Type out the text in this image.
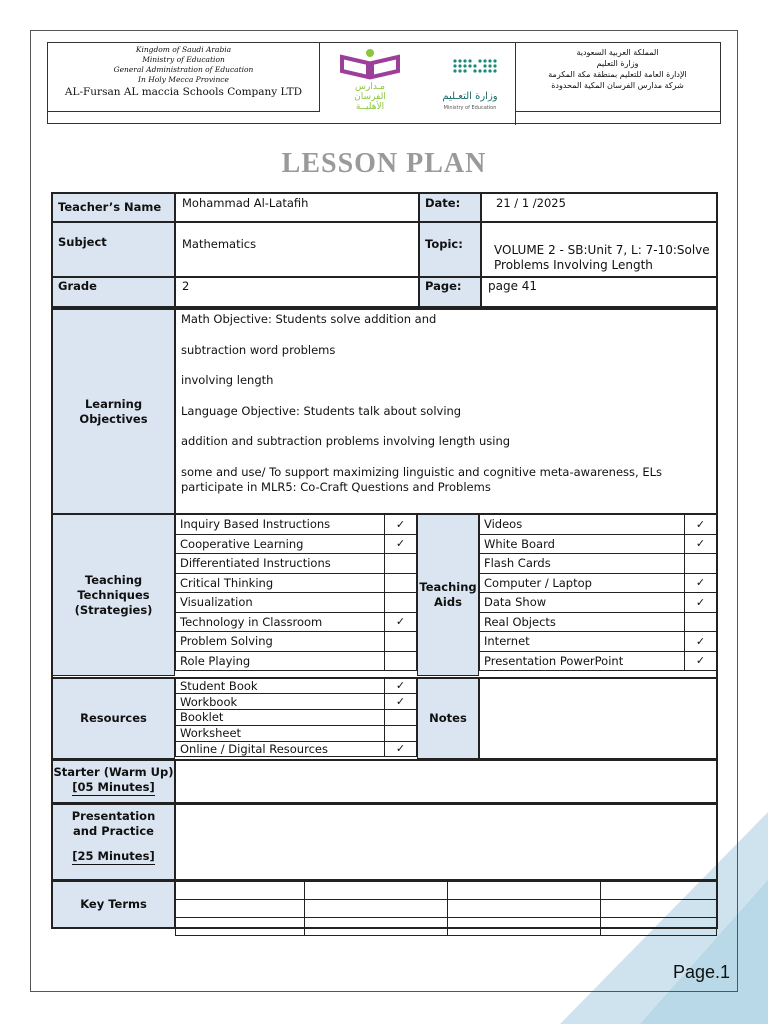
Kingdom of Saudi Arabia
Ministry of Education
General Administration of Education
In Holy Mecca Province
AL-Fursan AL maccia Schools Company LTD	مـدارس
الفرسان
الأهليــة
وزارة التعـليم
Ministry of Education
المملكة العربية السعودية
وزارة التعليم
الإدارة العامة للتعليم بمنطقة مكة المكرمة
شركة مدارس الفرسان المكية المحدودة
LESSON PLAN
Teacher’s Name	Mohammad Al-Latafih	Date:	21 / 1 /2025
Subject	Mathematics	Topic:	VOLUME 2 - SB:Unit 7, L: 7-10:Solve Problems Involving Length
Grade	2	Page:	page 41
Learning Objectives
Math Objective: Students solve addition and
subtraction word problems
involving length
Language Objective: Students talk about solving
addition and subtraction problems involving length using
some and use/ To support maximizing linguistic and cognitive meta-awareness, ELs participate in MLR5: Co-Craft Questions and Problems
Teaching Techniques (Strategies)
Inquiry Based Instructions	✓
Cooperative Learning	✓
Differentiated Instructions	
Critical Thinking	
Visualization	
Technology in Classroom	✓
Problem Solving	
Role Playing	
Teaching Aids
Videos	✓
White Board	✓
Flash Cards	
Computer / Laptop	✓
Data Show	✓
Real Objects	
Internet	✓
Presentation PowerPoint	✓
Resources
Student Book	✓
Workbook	✓
Booklet	
Worksheet	
Online / Digital Resources	✓
Notes
Starter (Warm Up)
[05 Minutes]
Presentation and Practice
[25 Minutes]
Key Terms

Page.1
